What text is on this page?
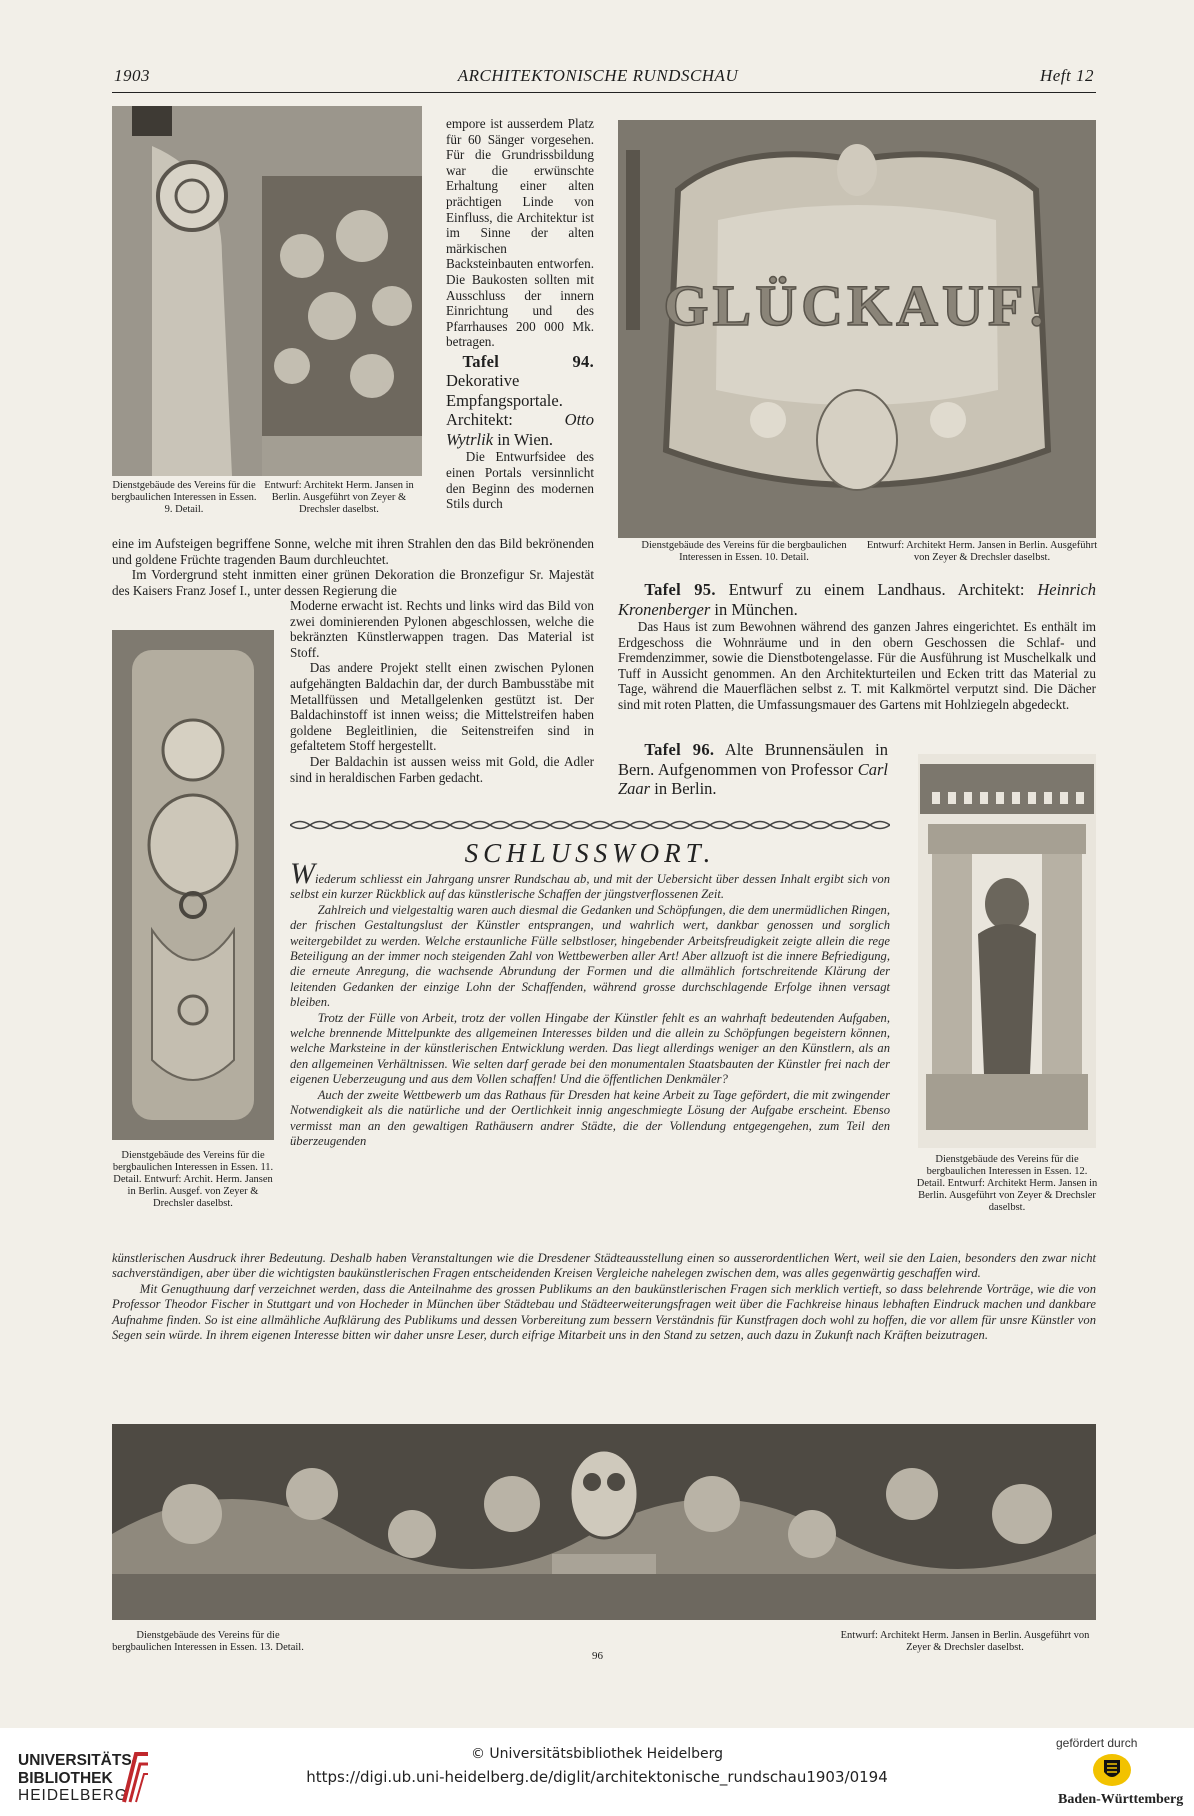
1903	ARCHITEKTONISCHE RUNDSCHAU	Heft 12
Dienstgebäude des Vereins für die bergbaulichen Interessen in Essen. 9. Detail.
Entwurf: Architekt Herm. Jansen in Berlin. Ausgeführt von Zeyer & Drechsler daselbst.

empore ist ausserdem Platz für 60 Sänger vorgesehen. Für die Grundrissbildung war die erwünschte Erhaltung einer alten prächtigen Linde von Einfluss, die Architektur ist im Sinne der alten märkischen Backsteinbauten entworfen. Die Baukosten sollten mit Ausschluss der innern Einrichtung und des Pfarrhauses 200 000 Mk. betragen.

Tafel 94. Dekorative Empfangsportale. Architekt:	Otto Wytrlik in Wien.

Die Entwurfsidee des einen Portals versinnlicht den Beginn des modernen Stils durch

eine im Aufsteigen begriffene Sonne, welche mit ihren Strahlen den das Bild bekrönenden und goldene Früchte tragenden Baum durchleuchtet.

Im Vordergrund steht inmitten einer grünen Dekoration die Bronzefigur Sr. Majestät des Kaisers Franz Josef I., unter dessen Regierung die

Dienstgebäude des Vereins für die bergbaulichen Interessen in Essen. 11. Detail. Entwurf: Archit. Herm. Jansen in Berlin. Ausgef. von Zeyer & Drechsler daselbst.

Moderne erwacht ist. Rechts und links wird das Bild von zwei dominierenden Pylonen abgeschlossen, welche die bekränzten Künstlerwappen tragen. Das Material ist Stoff.

Das andere Projekt stellt einen zwischen Pylonen aufgehängten Baldachin dar, der durch Bambusstäbe mit Metallfüssen und Metallgelenken gestützt ist. Der Baldachinstoff ist innen weiss; die Mittelstreifen haben goldene Begleitlinien, die Seitenstreifen sind in gefaltetem Stoff hergestellt.

Der Baldachin ist aussen weiss mit Gold, die Adler sind in heraldischen Farben gedacht.

GLÜCKAUF!
Dienstgebäude des Vereins für die bergbaulichen Interessen in Essen. 10. Detail.
Entwurf: Architekt Herm. Jansen in Berlin. Ausgeführt von Zeyer & Drechsler daselbst.

Tafel 95. Entwurf zu einem Landhaus. Architekt: Heinrich Kronenberger in München.

Das Haus ist zum Bewohnen während des ganzen Jahres eingerichtet. Es enthält im Erdgeschoss die Wohnräume und in den obern Geschossen die Schlaf- und Fremdenzimmer, sowie die Dienstbotengelasse. Für die Ausführung ist Muschelkalk und Tuff in Aussicht genommen. An den Architekturteilen und Ecken tritt das Material zu Tage, während die Mauerflächen selbst z. T. mit Kalkmörtel verputzt sind. Die Dächer sind mit roten Platten, die Umfassungsmauer des Gartens mit Hohlziegeln abgedeckt.

Tafel 96. Alte Brunnensäulen in Bern. Aufgenommen von Professor Carl Zaar in Berlin.

Dienstgebäude des Vereins für die bergbaulichen Interessen in Essen. 12. Detail. Entwurf: Architekt Herm. Jansen in Berlin. Ausgeführt von Zeyer & Drechsler daselbst.
SCHLUSSWORT.

Wiederum schliesst ein Jahrgang unsrer Rundschau ab, und mit der Uebersicht über dessen Inhalt ergibt sich von selbst ein kurzer Rückblick auf das künstlerische Schaffen der jüngstverflossenen Zeit.

Zahlreich und vielgestaltig waren auch diesmal die Gedanken und Schöpfungen, die dem unermüdlichen Ringen, der frischen Gestaltungslust der Künstler entsprangen, und wahrlich wert, dankbar genossen und sorglich weitergebildet zu werden. Welche erstaunliche Fülle selbstloser, hingebender Arbeitsfreudigkeit zeigte allein die rege Beteiligung an der immer noch steigenden Zahl von Wettbewerben aller Art! Aber allzuoft ist die innere Befriedigung, die erneute Anregung, die wachsende Abrundung der Formen und die allmählich fortschreitende Klärung der leitenden Gedanken der einzige Lohn der Schaffenden, während grosse durchschlagende Erfolge ihnen versagt bleiben.

Trotz der Fülle von Arbeit, trotz der vollen Hingabe der Künstler fehlt es an wahrhaft bedeutenden Aufgaben, welche brennende Mittelpunkte des allgemeinen Interesses bilden und die allein zu Schöpfungen begeistern können, welche Marksteine in der künstlerischen Entwicklung werden. Das liegt allerdings weniger an den Künstlern, als an den allgemeinen Verhältnissen. Wie selten darf gerade bei den monumentalen Staatsbauten der Künstler frei nach der eigenen Ueberzeugung und aus dem Vollen schaffen! Und die öffentlichen Denkmäler?

Auch der zweite Wettbewerb um das Rathaus für Dresden hat keine Arbeit zu Tage gefördert, die mit zwingender Notwendigkeit als die natürliche und der Oertlichkeit innig angeschmiegte Lösung der Aufgabe erscheint. Ebenso vermisst man an den gewaltigen Rathäusern andrer Städte, die der Vollendung entgegengehen, zum Teil den überzeugenden

künstlerischen Ausdruck ihrer Bedeutung. Deshalb haben Veranstaltungen wie die Dresdener Städteausstellung einen so ausserordentlichen Wert, weil sie den Laien, besonders den zwar nicht sachverständigen, aber über die wichtigsten baukünstlerischen Fragen entscheidenden Kreisen Vergleiche nahelegen zwischen dem, was alles gegenwärtig geschaffen wird.

Mit Genugthuung darf verzeichnet werden, dass die Anteilnahme des grossen Publikums an den baukünstlerischen Fragen sich merklich vertieft, so dass belehrende Vorträge, wie die von Professor Theodor Fischer in Stuttgart und von Hocheder in München über Städtebau und Städteerweiterungsfragen weit über die Fachkreise hinaus lebhaften Eindruck machen und dankbare Aufnahme finden. So ist eine allmähliche Aufklärung des Publikums und dessen Vorbereitung zum bessern Verständnis für Kunstfragen doch wohl zu hoffen, die vor allem für unsre Künstler von Segen sein würde. In ihrem eigenen Interesse bitten wir daher unsre Leser, durch eifrige Mitarbeit uns in den Stand zu setzen, auch dazu in Zukunft nach Kräften beizutragen.

Dienstgebäude des Vereins für die bergbaulichen Interessen in Essen. 13. Detail.
Entwurf: Architekt Herm. Jansen in Berlin. Ausgeführt von Zeyer & Drechsler daselbst.
96
UNIVERSITÄTS-
BIBLIOTHEK
HEIDELBERG
© Universitätsbibliothek Heidelberg
https://digi.ub.uni-heidelberg.de/diglit/architektonische_rundschau1903/0194
gefördert durch
Baden-Württemberg
